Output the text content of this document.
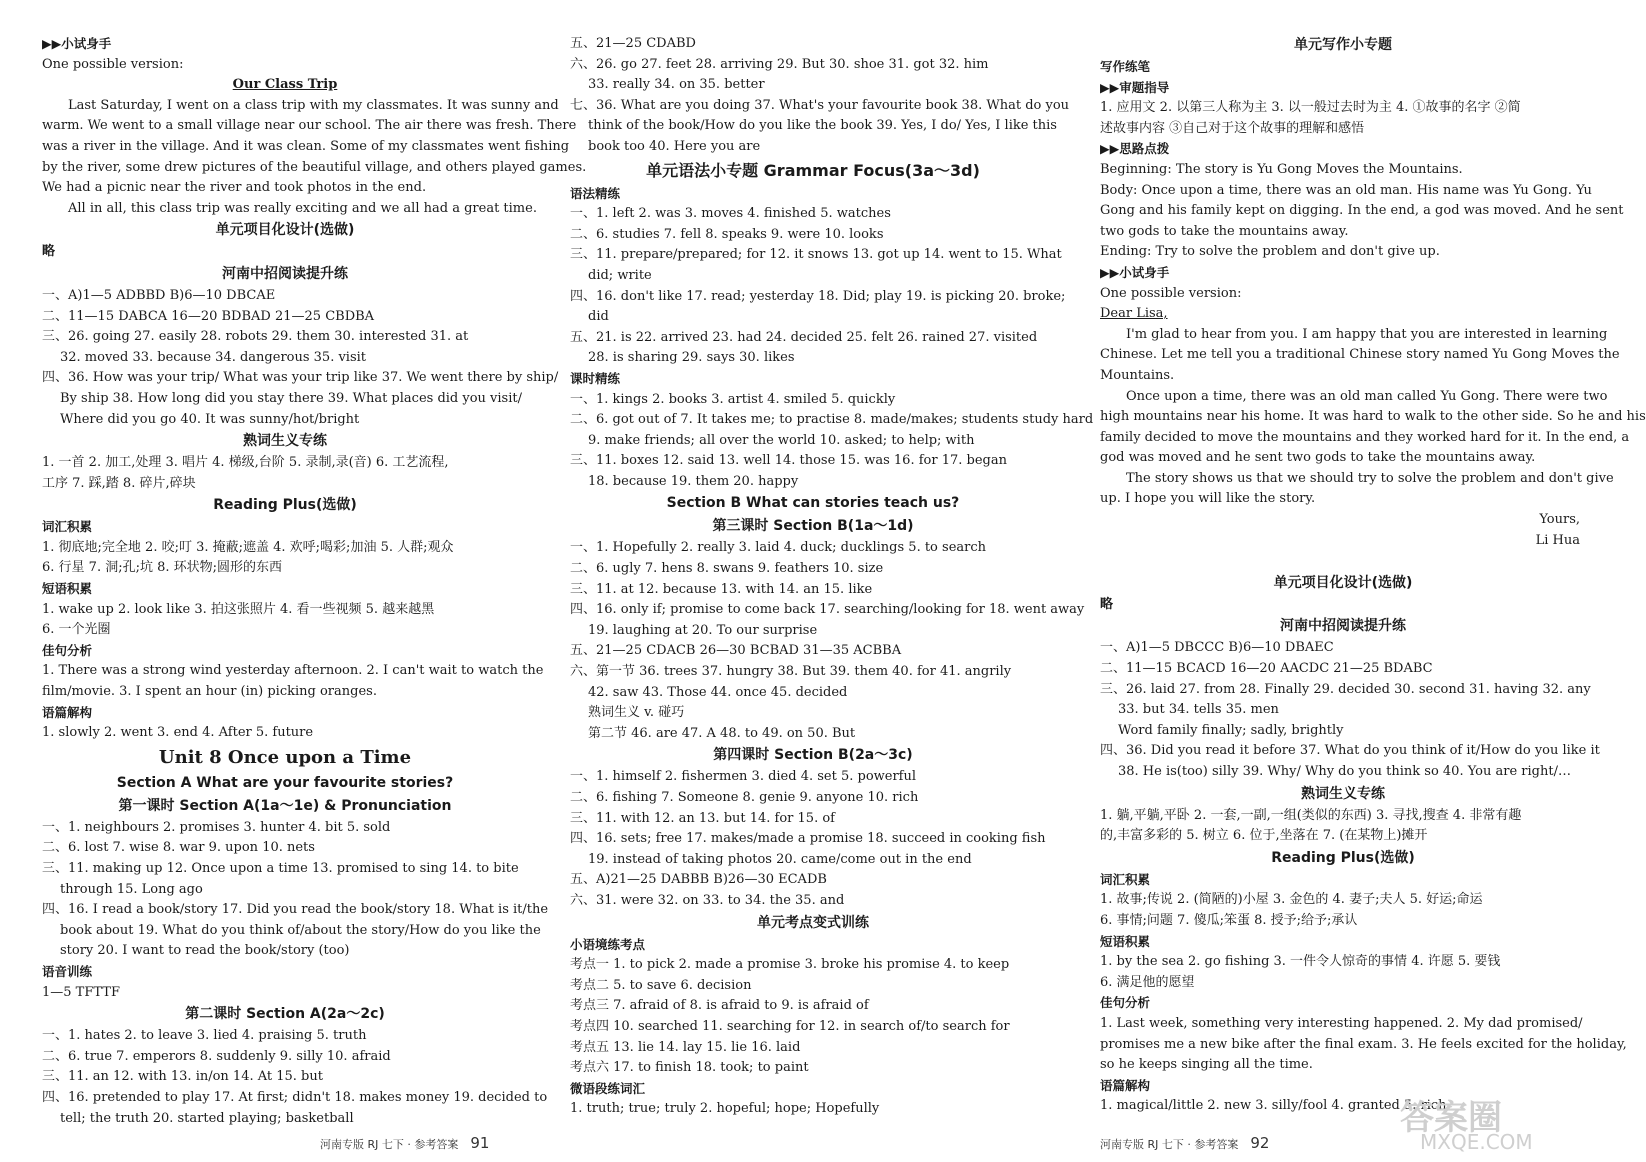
▶▶小试身手
One possible version:
Our Class Trip
Last Saturday, I went on a class trip with my classmates. It was sunny and
warm. We went to a small village near our school. The air there was fresh. There
was a river in the village. And it was clean. Some of my classmates went fishing
by the river, some drew pictures of the beautiful village, and others played games.
We had a picnic near the river and took photos in the end.
All in all, this class trip was really exciting and we all had a great time.
单元项目化设计(选做)
略
河南中招阅读提升练
一、A)1—5 ADBBD B)6—10 DBCAE
二、11—15 DABCA 16—20 BDBAD 21—25 CBDBA
三、26. going 27. easily 28. robots 29. them 30. interested 31. at
32. moved 33. because 34. dangerous 35. visit
四、36. How was your trip/ What was your trip like 37. We went there by ship/
By ship 38. How long did you stay there 39. What places did you visit/
Where did you go 40. It was sunny/hot/bright
熟词生义专练
1. 一首 2. 加工,处理 3. 唱片 4. 梯级,台阶 5. 录制,录(音) 6. 工艺流程,
工序 7. 踩,踏 8. 碎片,碎块
Reading Plus(选做)
词汇积累
1. 彻底地;完全地 2. 咬;叮 3. 掩蔽;遮盖 4. 欢呼;喝彩;加油 5. 人群;观众
6. 行星 7. 洞;孔;坑 8. 环状物;圆形的东西
短语积累
1. wake up 2. look like 3. 拍这张照片 4. 看一些视频 5. 越来越黑
6. 一个光圈
佳句分析
1. There was a strong wind yesterday afternoon. 2. I can't wait to watch the
film/movie. 3. I spent an hour (in) picking oranges.
语篇解构
1. slowly 2. went 3. end 4. After 5. future
Unit 8 Once upon a Time
Section A What are your favourite stories?
第一课时 Section A(1a～1e) & Pronunciation
一、1. neighbours 2. promises 3. hunter 4. bit 5. sold
二、6. lost 7. wise 8. war 9. upon 10. nets
三、11. making up 12. Once upon a time 13. promised to sing 14. to bite
through 15. Long ago
四、16. I read a book/story 17. Did you read the book/story 18. What is it/the
book about 19. What do you think of/about the story/How do you like the
story 20. I want to read the book/story (too)
语音训练
1—5 TFTTF
第二课时 Section A(2a～2c)
一、1. hates 2. to leave 3. lied 4. praising 5. truth
二、6. true 7. emperors 8. suddenly 9. silly 10. afraid
三、11. an 12. with 13. in/on 14. At 15. but
四、16. pretended to play 17. At first; didn't 18. makes money 19. decided to
tell; the truth 20. started playing; basketball
五、21—25 CDABD
六、26. go 27. feet 28. arriving 29. But 30. shoe 31. got 32. him
33. really 34. on 35. better
七、36. What are you doing 37. What's your favourite book 38. What do you
think of the book/How do you like the book 39. Yes, I do/ Yes, I like this
book too 40. Here you are
单元语法小专题 Grammar Focus(3a～3d)
语法精练
一、1. left 2. was 3. moves 4. finished 5. watches
二、6. studies 7. fell 8. speaks 9. were 10. looks
三、11. prepare/prepared; for 12. it snows 13. got up 14. went to 15. What
did; write
四、16. don't like 17. read; yesterday 18. Did; play 19. is picking 20. broke;
did
五、21. is 22. arrived 23. had 24. decided 25. felt 26. rained 27. visited
28. is sharing 29. says 30. likes
课时精练
一、1. kings 2. books 3. artist 4. smiled 5. quickly
二、6. got out of 7. It takes me; to practise 8. made/makes; students study hard
9. make friends; all over the world 10. asked; to help; with
三、11. boxes 12. said 13. well 14. those 15. was 16. for 17. began
18. because 19. them 20. happy
Section B What can stories teach us?
第三课时 Section B(1a～1d)
一、1. Hopefully 2. really 3. laid 4. duck; ducklings 5. to search
二、6. ugly 7. hens 8. swans 9. feathers 10. size
三、11. at 12. because 13. with 14. an 15. like
四、16. only if; promise to come back 17. searching/looking for 18. went away
19. laughing at 20. To our surprise
五、21—25 CDACB 26—30 BCBAD 31—35 ACBBA
六、第一节 36. trees 37. hungry 38. But 39. them 40. for 41. angrily
42. saw 43. Those 44. once 45. decided
熟词生义 v. 碰巧
第二节 46. are 47. A 48. to 49. on 50. But
第四课时 Section B(2a～3c)
一、1. himself 2. fishermen 3. died 4. set 5. powerful
二、6. fishing 7. Someone 8. genie 9. anyone 10. rich
三、11. with 12. an 13. but 14. for 15. of
四、16. sets; free 17. makes/made a promise 18. succeed in cooking fish
19. instead of taking photos 20. came/come out in the end
五、A)21—25 DABBB B)26—30 ECADB
六、31. were 32. on 33. to 34. the 35. and
单元考点变式训练
小语境练考点
考点一 1. to pick 2. made a promise 3. broke his promise 4. to keep
考点二 5. to save 6. decision
考点三 7. afraid of 8. is afraid to 9. is afraid of
考点四 10. searched 11. searching for 12. in search of/to search for
考点五 13. lie 14. lay 15. lie 16. laid
考点六 17. to finish 18. took; to paint
微语段练词汇
1. truth; true; truly 2. hopeful; hope; Hopefully
单元写作小专题
写作练笔
▶▶审题指导
1. 应用文 2. 以第三人称为主 3. 以一般过去时为主 4. ①故事的名字 ②简
述故事内容 ③自己对于这个故事的理解和感悟
▶▶思路点拨
Beginning: The story is Yu Gong Moves the Mountains.
Body: Once upon a time, there was an old man. His name was Yu Gong. Yu
Gong and his family kept on digging. In the end, a god was moved. And he sent
two gods to take the mountains away.
Ending: Try to solve the problem and don't give up.
▶▶小试身手
One possible version:
Dear Lisa,
I'm glad to hear from you. I am happy that you are interested in learning
Chinese. Let me tell you a traditional Chinese story named Yu Gong Moves the
Mountains.
Once upon a time, there was an old man called Yu Gong. There were two
high mountains near his home. It was hard to walk to the other side. So he and his
family decided to move the mountains and they worked hard for it. In the end, a
god was moved and he sent two gods to take the mountains away.
The story shows us that we should try to solve the problem and don't give
up. I hope you will like the story.
Yours,
Li Hua

单元项目化设计(选做)
略
河南中招阅读提升练
一、A)1—5 DBCCC B)6—10 DBAEC
二、11—15 BCACD 16—20 AACDC 21—25 BDABC
三、26. laid 27. from 28. Finally 29. decided 30. second 31. having 32. any
33. but 34. tells 35. men
Word family finally; sadly, brightly
四、36. Did you read it before 37. What do you think of it/How do you like it
38. He is(too) silly 39. Why/ Why do you think so 40. You are right/…
熟词生义专练
1. 躺,平躺,平卧 2. 一套,一副,一组(类似的东西) 3. 寻找,搜查 4. 非常有趣
的,丰富多彩的 5. 树立 6. 位于,坐落在 7. (在某物上)摊开
Reading Plus(选做)
词汇积累
1. 故事;传说 2. (简陋的)小屋 3. 金色的 4. 妻子;夫人 5. 好运;命运
6. 事情;问题 7. 傻瓜;笨蛋 8. 授予;给予;承认
短语积累
1. by the sea 2. go fishing 3. 一件令人惊奇的事情 4. 许愿 5. 要钱
6. 满足他的愿望
佳句分析
1. Last week, something very interesting happened. 2. My dad promised/
promises me a new bike after the final exam. 3. He feels excited for the holiday,
so he keeps singing all the time.
语篇解构
1. magical/little 2. new 3. silly/fool 4. granted 5. rich
河南专版 RJ 七下 · 参考答案 91	河南专版 RJ 七下 · 参考答案 92
答案圈
MXQE.COM
